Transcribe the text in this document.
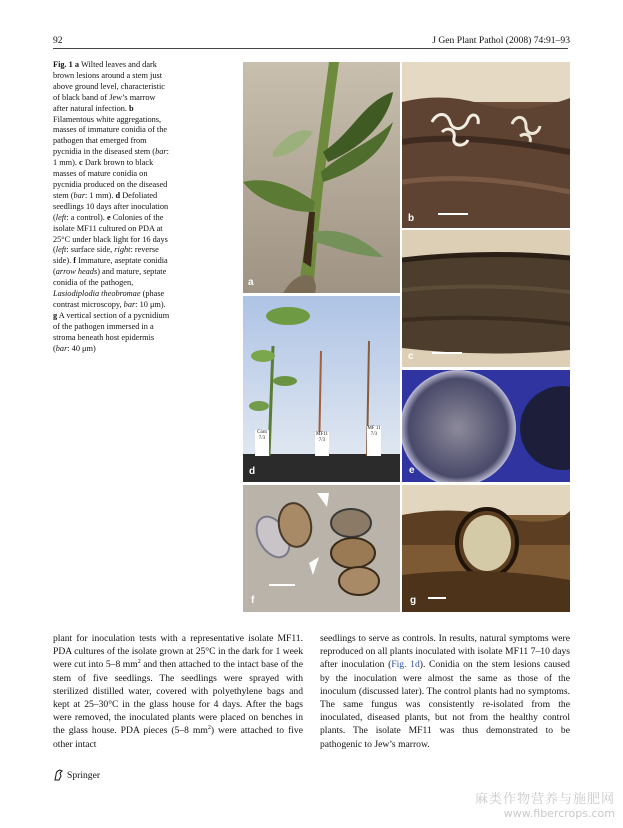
92	J Gen Plant Pathol (2008) 74:91–93
Fig. 1 a Wilted leaves and dark brown lesions around a stem just above ground level, characteristic of black band of Jew’s marrow after natural infection. b Filamentous white aggregations, masses of immature conidia of the pathogen that emerged from pycnidia in the diseased stem (bar: 1 mm). c Dark brown to black masses of mature conidia on pycnidia produced on the diseased stem (bar: 1 mm). d Defoliated seedlings 10 days after inoculation (left: a control). e Colonies of the isolate MF11 cultured on PDA at 25°C under black light for 16 days (left: surface side, right: reverse side). f Immature, aseptate conidia (arrow heads) and mature, septate conidia of the pathogen, Lasiodiplodia theobromae (phase contrast microscopy, bar: 10 μm). g A vertical section of a pycnidium of the pathogen immersed in a stroma beneath host epidermis (bar: 40 μm)
a
b
c
Cont 7/3
MF11 7/3
MF 11 7/3
d	e
f	g
plant for inoculation tests with a representative isolate MF11. PDA cultures of the isolate grown at 25°C in the dark for 1 week were cut into 5–8 $mm^2$ and then attached to the intact base of the stem of five seedlings. The seedlings were sprayed with sterilized distilled water, covered with polyethylene bags and kept at 25–30°C in the glass house for 4 days. After the bags were removed, the inoculated plants were placed on benches in the glass house. PDA pieces (5–8 $mm^2$) were attached to five other intact
seedlings to serve as controls. In results, natural symptoms were reproduced on all plants inoculated with isolate MF11 7–10 days after inoculation (Fig. 1d). Conidia on the stem lesions caused by the inoculation were almost the same as those of the inoculum (discussed later). The control plants had no symptoms. The same fungus was consistently re-isolated from the inoculated, diseased plants, but not from the healthy control plants. The isolate MF11 was thus demonstrated to be pathogenic to Jew’s marrow.
Springer
麻类作物营养与施肥网
www.fibercrops.com
